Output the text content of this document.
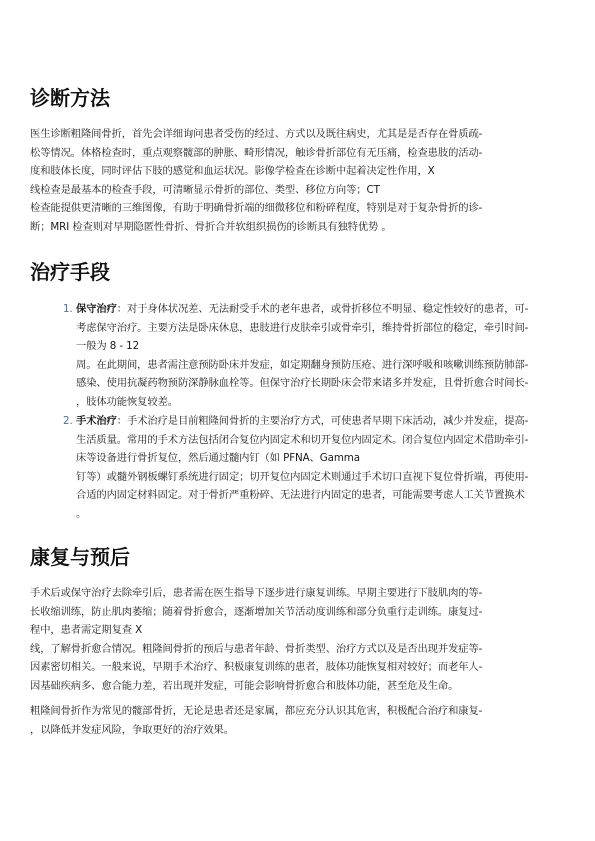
诊断方法

医生诊断粗隆间骨折，首先会详细询问患者受伤的经过、方式以及既往病史，尤其是是否存在骨质疏-
松等情况。体格检查时，重点观察髋部的肿胀、畸形情况，触诊骨折部位有无压痛，检查患肢的活动-
度和肢体长度，同时评估下肢的感觉和血运状况。影像学检查在诊断中起着决定性作用，X
线检查是最基本的检查手段，可清晰显示骨折的部位、类型、移位方向等；CT
检查能提供更清晰的三维图像，有助于明确骨折端的细微移位和粉碎程度，特别是对于复杂骨折的诊-
断；MRI 检查则对早期隐匿性骨折、骨折合并软组织损伤的诊断具有独特优势 。

治疗手段
1. 保守治疗：对于身体状况差、无法耐受手术的老年患者，或骨折移位不明显、稳定性较好的患者，可-
考虑保守治疗。主要方法是卧床休息，患肢进行皮肤牵引或骨牵引，维持骨折部位的稳定，牵引时间-
一般为 8 - 12
周。在此期间，患者需注意预防卧床并发症，如定期翻身预防压疮、进行深呼吸和咳嗽训练预防肺部-
感染、使用抗凝药物预防深静脉血栓等。但保守治疗长期卧床会带来诸多并发症，且骨折愈合时间长-
，肢体功能恢复较差。
2. 手术治疗：手术治疗是目前粗隆间骨折的主要治疗方式，可使患者早期下床活动，减少并发症，提高-
生活质量。常用的手术方法包括闭合复位内固定术和切开复位内固定术。闭合复位内固定术借助牵引-
床等设备进行骨折复位，然后通过髓内钉（如 PFNA、Gamma
钉等）或髓外钢板螺钉系统进行固定；切开复位内固定术则通过手术切口直视下复位骨折端，再使用-
合适的内固定材料固定。对于骨折严重粉碎、无法进行内固定的患者，可能需要考虑人工关节置换术
。
康复与预后

手术后或保守治疗去除牵引后，患者需在医生指导下逐步进行康复训练。早期主要进行下肢肌肉的等-
长收缩训练，防止肌肉萎缩；随着骨折愈合，逐渐增加关节活动度训练和部分负重行走训练。康复过-
程中，患者需定期复查 X
线，了解骨折愈合情况。粗隆间骨折的预后与患者年龄、骨折类型、治疗方式以及是否出现并发症等-
因素密切相关。一般来说，早期手术治疗、积极康复训练的患者，肢体功能恢复相对较好；而老年人-
因基础疾病多、愈合能力差，若出现并发症，可能会影响骨折愈合和肢体功能，甚至危及生命。

粗隆间骨折作为常见的髋部骨折，无论是患者还是家属，都应充分认识其危害，积极配合治疗和康复-
，以降低并发症风险，争取更好的治疗效果。
